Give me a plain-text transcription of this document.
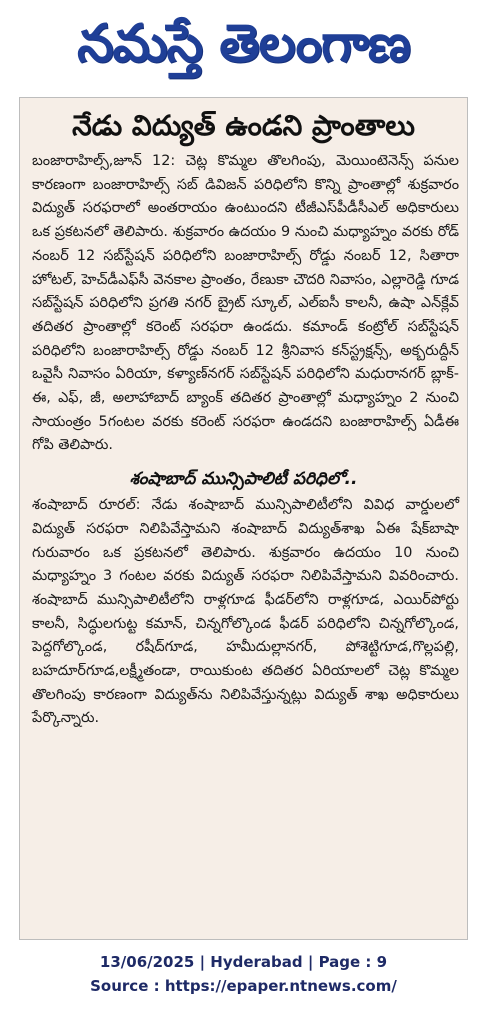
నమస్తే తెలంగాణ
నేడు విద్యుత్ ఉండని ప్రాంతాలు
బంజారాహిల్స్,జూన్ 12: చెట్ల కొమ్మల తొలగింపు, మెయింటెనెన్స్ పనుల కారణంగా బంజారాహిల్స్ సబ్ డివిజన్ పరిధిలోని కొన్ని ప్రాంతాల్లో శుక్రవారం విద్యుత్ సరఫరాలో అంతరాయం ఉంటుందని టీజీఎస్‌పీడీసీఎల్ అధికారులు ఒక ప్రకటనలో తెలిపారు. శుక్రవారం ఉదయం 9 నుంచి మధ్యాహ్నం వరకు రోడ్ నంబర్ 12 సబ్‌స్టేషన్ పరిధిలోని బంజారాహిల్స్ రోడ్డు నంబర్ 12, సితారా హోటల్, హెచ్‌డీఎఫ్‌సీ వెనకాల ప్రాంతం, రేణుకా చౌదరి నివాసం, ఎల్లారెడ్డి గూడ సబ్‌స్టేషన్ పరిధిలోని ప్రగతి నగర్ బ్రైట్ స్కూల్, ఎల్ఐసీ కాలనీ, ఉషా ఎన్‌క్లేవ్ తదితర ప్రాంతాల్లో కరెంట్ సరఫరా ఉండదు. కమాండ్ కంట్రోల్ సబ్‌స్టేషన్ పరిధిలోని బంజారాహిల్స్ రోడ్డు నంబర్ 12 శ్రీనివాస కన్‌స్ట్రక్షన్స్, అక్బరుద్దీన్ ఒవైసీ నివాసం ఏరియా, కళ్యాణ్‌నగర్ సబ్‌స్టేషన్ పరిధిలోని మధురానగర్ బ్లాక్- ఈ, ఎఫ్, జీ, అలాహాబాద్ బ్యాంక్ తదితర ప్రాంతాల్లో మధ్యాహ్నం 2 నుంచి సాయంత్రం 5గంటల వరకు కరెంట్ సరఫరా ఉండదని బంజారాహిల్స్ ఏడీఈ గోపి తెలిపారు.
శంషాబాద్ మున్సిపాలిటీ పరిధిలో..
శంషాబాద్ రూరల్: నేడు శంషాబాద్ మున్సిపాలిటీలోని వివిధ వార్డులలో విద్యుత్ సరఫరా నిలిపివేస్తామని శంషాబాద్ విద్యుత్‌శాఖ ఏఈ షేక్‌బాషా గురువారం ఒక ప్రకటనలో తెలిపారు. శుక్రవారం ఉదయం 10 నుంచి మధ్యాహ్నం 3 గంటల వరకు విద్యుత్ సరఫరా నిలిపివేస్తామని వివరించారు. శంషాబాద్ మున్సిపాలిటీలోని రాళ్లగూడ ఫీడర్‌లోని రాళ్లగూడ, ఎయిర్‌పోర్టు కాలనీ, సిద్ధులగుట్ట కమాన్, చిన్నగోల్కొండ ఫీడర్ పరిధిలోని చిన్నగోల్కొండ, పెద్దగోల్కొండ, రషీద్‌గూడ, హమీదుల్లానగర్, పోశెట్టిగూడ,గొల్లపల్లి, బహదూర్‌గూడ,లక్ష్మీతండా, రాయికుంట తదితర ఏరియాలలో చెట్ల కొమ్మల తొలగింపు కారణంగా విద్యుత్‌ను నిలిపివేస్తున్నట్లు విద్యుత్ శాఖ అధికారులు పేర్కొన్నారు.
13/06/2025 | Hyderabad | Page : 9
Source : https://epaper.ntnews.com/
